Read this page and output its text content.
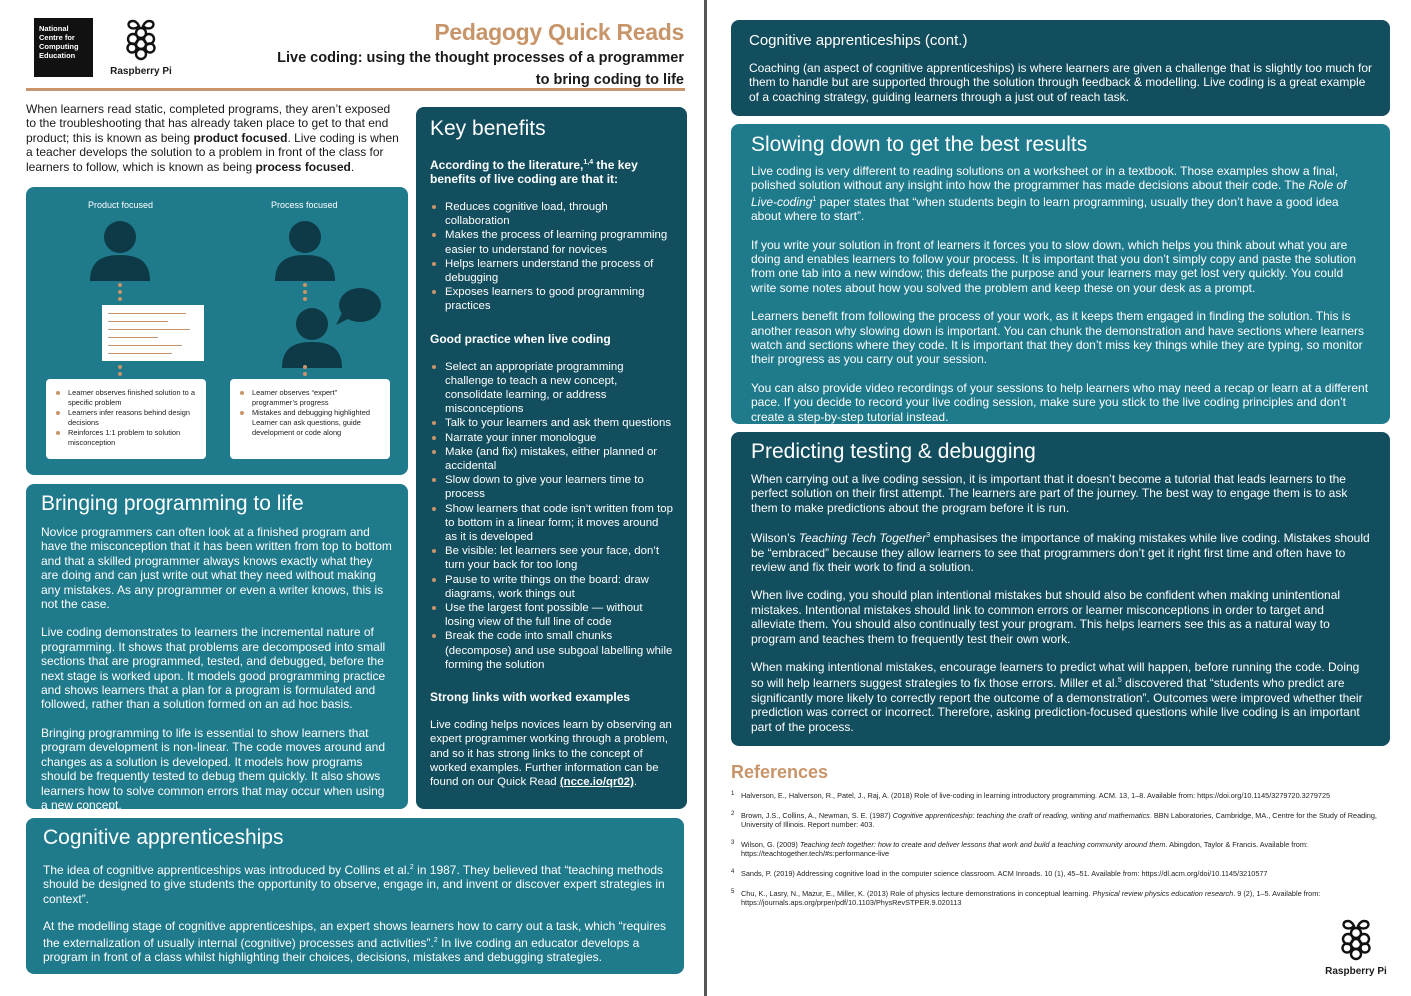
National Centre for Computing Education
Raspberry Pi
Pedagogy Quick Reads
Live coding: using the thought processes of a programmer
to bring coding to life

When learners read static, completed programs, they aren’t exposed to the troubleshooting that has already taken place to get to that end product; this is known as being product focused. Live coding is when a teacher develops the solution to a problem in front of the class for learners to follow, which is known as being process focused.

Product focused	Process focused
Learner observes finished solution to a specific problem
Learners infer reasons behind design decisions
Reinforces 1:1 problem to solution misconception
Learner observes “expert” programmer’s progress
Mistakes and debugging highlighted
Learner can ask questions, guide development or code along
Bringing programming to life

Novice programmers can often look at a finished program and have the misconception that it has been written from top to bottom and that a skilled programmer always knows exactly what they are doing and can just write out what they need without making any mistakes. As any programmer or even a writer knows, this is not the case.

Live coding demonstrates to learners the incremental nature of programming. It shows that problems are decomposed into small sections that are programmed, tested, and debugged, before the next stage is worked upon. It models good programming practice and shows learners that a plan for a program is formulated and followed, rather than a solution formed on an ad hoc basis.

Bringing programming to life is essential to show learners that program development is non-linear. The code moves around and changes as a solution is developed. It models how programs should be frequently tested to debug them quickly. It also shows learners how to solve common errors that may occur when using a new concept.

Key benefits
According to the literature,$^{1,4}$ the key benefits of live coding are that it:
Reduces cognitive load, through collaboration
Makes the process of learning programming easier to understand for novices
Helps learners understand the process of debugging
Exposes learners to good programming practices
Good practice when live coding
Select an appropriate programming challenge to teach a new concept, consolidate learning, or address misconceptions
Talk to your learners and ask them questions
Narrate your inner monologue
Make (and fix) mistakes, either planned or accidental
Slow down to give your learners time to process
Show learners that code isn’t written from top to bottom in a linear form; it moves around as it is developed
Be visible: let learners see your face, don’t turn your back for too long
Pause to write things on the board: draw diagrams, work things out
Use the largest font possible — without losing view of the full line of code
Break the code into small chunks (decompose) and use subgoal labelling while forming the solution
Strong links with worked examples

Live coding helps novices learn by observing an expert programmer working through a problem, and so it has strong links to the concept of worked examples. Further information can be found on our Quick Read (ncce.io/qr02).

Cognitive apprenticeships

The idea of cognitive apprenticeships was introduced by Collins et al.$^2$ in 1987. They believed that “teaching methods should be designed to give students the opportunity to observe, engage in, and invent or discover expert strategies in context”.

At the modelling stage of cognitive apprenticeships, an expert shows learners how to carry out a task, which “requires the externalization of usually internal (cognitive) processes and activities”.$^2$ In live coding an educator develops a program in front of a class whilst highlighting their choices, decisions, mistakes and debugging strategies.

Cognitive apprenticeships (cont.)

Coaching (an aspect of cognitive apprenticeships) is where learners are given a challenge that is slightly too much for them to handle but are supported through the solution through feedback & modelling. Live coding is a great example of a coaching strategy, guiding learners through a just out of reach task.

Slowing down to get the best results

Live coding is very different to reading solutions on a worksheet or in a textbook. Those examples show a final, polished solution without any insight into how the programmer has made decisions about their code. The Role of Live-coding$^1$ paper states that “when students begin to learn programming, usually they don’t have a good idea about where to start”.

If you write your solution in front of learners it forces you to slow down, which helps you think about what you are doing and enables learners to follow your process. It is important that you don’t simply copy and paste the solution from one tab into a new window; this defeats the purpose and your learners may get lost very quickly. You could write some notes about how you solved the problem and keep these on your desk as a prompt.

Learners benefit from following the process of your work, as it keeps them engaged in finding the solution. This is another reason why slowing down is important. You can chunk the demonstration and have sections where learners watch and sections where they code. It is important that they don’t miss key things while they are typing, so monitor their progress as you carry out your session.

You can also provide video recordings of your sessions to help learners who may need a recap or learn at a different pace. If you decide to record your live coding session, make sure you stick to the live coding principles and don’t create a step-by-step tutorial instead.

Predicting testing & debugging

When carrying out a live coding session, it is important that it doesn’t become a tutorial that leads learners to the perfect solution on their first attempt. The learners are part of the journey. The best way to engage them is to ask them to make predictions about the program before it is run.

Wilson’s Teaching Tech Together$^3$ emphasises the importance of making mistakes while live coding. Mistakes should be “embraced” because they allow learners to see that programmers don’t get it right first time and often have to review and fix their work to find a solution.

When live coding, you should plan intentional mistakes but should also be confident when making unintentional mistakes. Intentional mistakes should link to common errors or learner misconceptions in order to target and alleviate them. You should also continually test your program. This helps learners see this as a natural way to program and teaches them to frequently test their own work.

When making intentional mistakes, encourage learners to predict what will happen, before running the code. Doing so will help learners suggest strategies to fix those errors. Miller et al.$^5$ discovered that “students who predict are significantly more likely to correctly report the outcome of a demonstration”. Outcomes were improved whether their prediction was correct or incorrect. Therefore, asking prediction-focused questions while live coding is an important part of the process.

References
1 Halverson, E., Halverson, R., Patel, J., Raj, A. (2018) Role of live-coding in learning introductory programming. ACM. 13, 1–8. Available from: https://doi.org/10.1145/3279720.3279725
2 Brown, J.S., Collins, A., Newman, S. E. (1987) Cognitive apprenticeship: teaching the craft of reading, writing and mathematics. BBN Laboratories, Cambridge, MA., Centre for the Study of Reading, University of Illinois. Report number: 403.
3 Wilson, G. (2009) Teaching tech together: how to create and deliver lessons that work and build a teaching community around them. Abingdon, Taylor & Francis. Available from: https://teachtogether.tech/#s:performance-live
4 Sands, P. (2019) Addressing cognitive load in the computer science classroom. ACM Inroads. 10 (1), 45–51. Available from: https://dl.acm.org/doi/10.1145/3210577
5 Chu, K., Lasry, N., Mazur, E., Miller, K. (2013) Role of physics lecture demonstrations in conceptual learning. Physical review physics education research. 9 (2), 1–5. Available from: https://journals.aps.org/prper/pdf/10.1103/PhysRevSTPER.9.020113
Raspberry Pi
